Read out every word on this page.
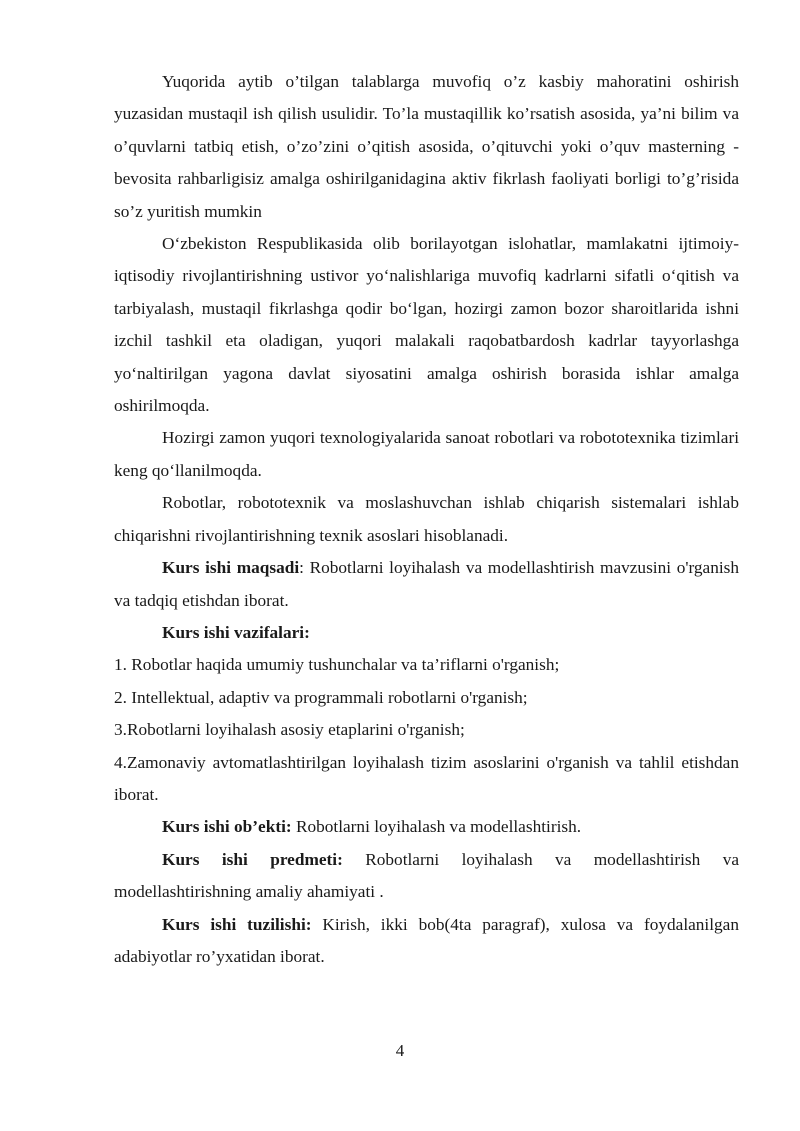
Yuqorida aytib o’tilgan talablarga muvofiq o’z kasbiy mahoratini oshirish yuzasidan mustaqil ish qilish usulidir. To’la mustaqillik ko’rsatish asosida, ya’ni bilim va o’quvlarni tatbiq etish, o’zo’zini o’qitish asosida, o’qituvchi yoki o’quv masterning - bevosita rahbarligisiz amalga oshirilganidagina aktiv fikrlash faoliyati borligi to’g’risida so’z yuritish mumkin

O‘zbekiston Respublikasida olib borilayotgan islohatlar, mamlakatni ijtimoiy-iqtisodiy rivojlantirishning ustivor yo‘nalishlariga muvofiq kadrlarni sifatli o‘qitish va tarbiyalash, mustaqil fikrlashga qodir bo‘lgan, hozirgi zamon bozor sharoitlarida ishni izchil tashkil eta oladigan, yuqori malakali raqobatbardosh kadrlar tayyorlashga yo‘naltirilgan yagona davlat siyosatini amalga oshirish borasida ishlar amalga oshirilmoqda.

Hozirgi zamon yuqori texnologiyalarida sanoat robotlari va robototexnika tizimlari keng qo‘llanilmoqda.

Robotlar, robototexnik va moslashuvchan ishlab chiqarish sistemalari ishlab chiqarishni rivojlantirishning texnik asoslari hisoblanadi.

Kurs ishi maqsadi: Robotlarni loyihalash va modellashtirish mavzusini o'rganish va tadqiq etishdan iborat.

Kurs ishi vazifalari:

1. Robotlar haqida umumiy tushunchalar va ta’riflarni o'rganish;

2. Intellektual, adaptiv va programmali robotlarni o'rganish;

3.Robotlarni loyihalash asosiy etaplarini o'rganish;

4.Zamonaviy avtomatlashtirilgan loyihalash tizim asoslarini o'rganish va tahlil etishdan iborat.

Kurs ishi ob’ekti: Robotlarni loyihalash va modellashtirish.

Kurs ishi predmeti: Robotlarni loyihalash va modellashtirish va modellashtirishning amaliy ahamiyati .

Kurs ishi tuzilishi: Kirish, ikki bob(4ta paragraf), xulosa va foydalanilgan adabiyotlar ro’yxatidan iborat.

4
